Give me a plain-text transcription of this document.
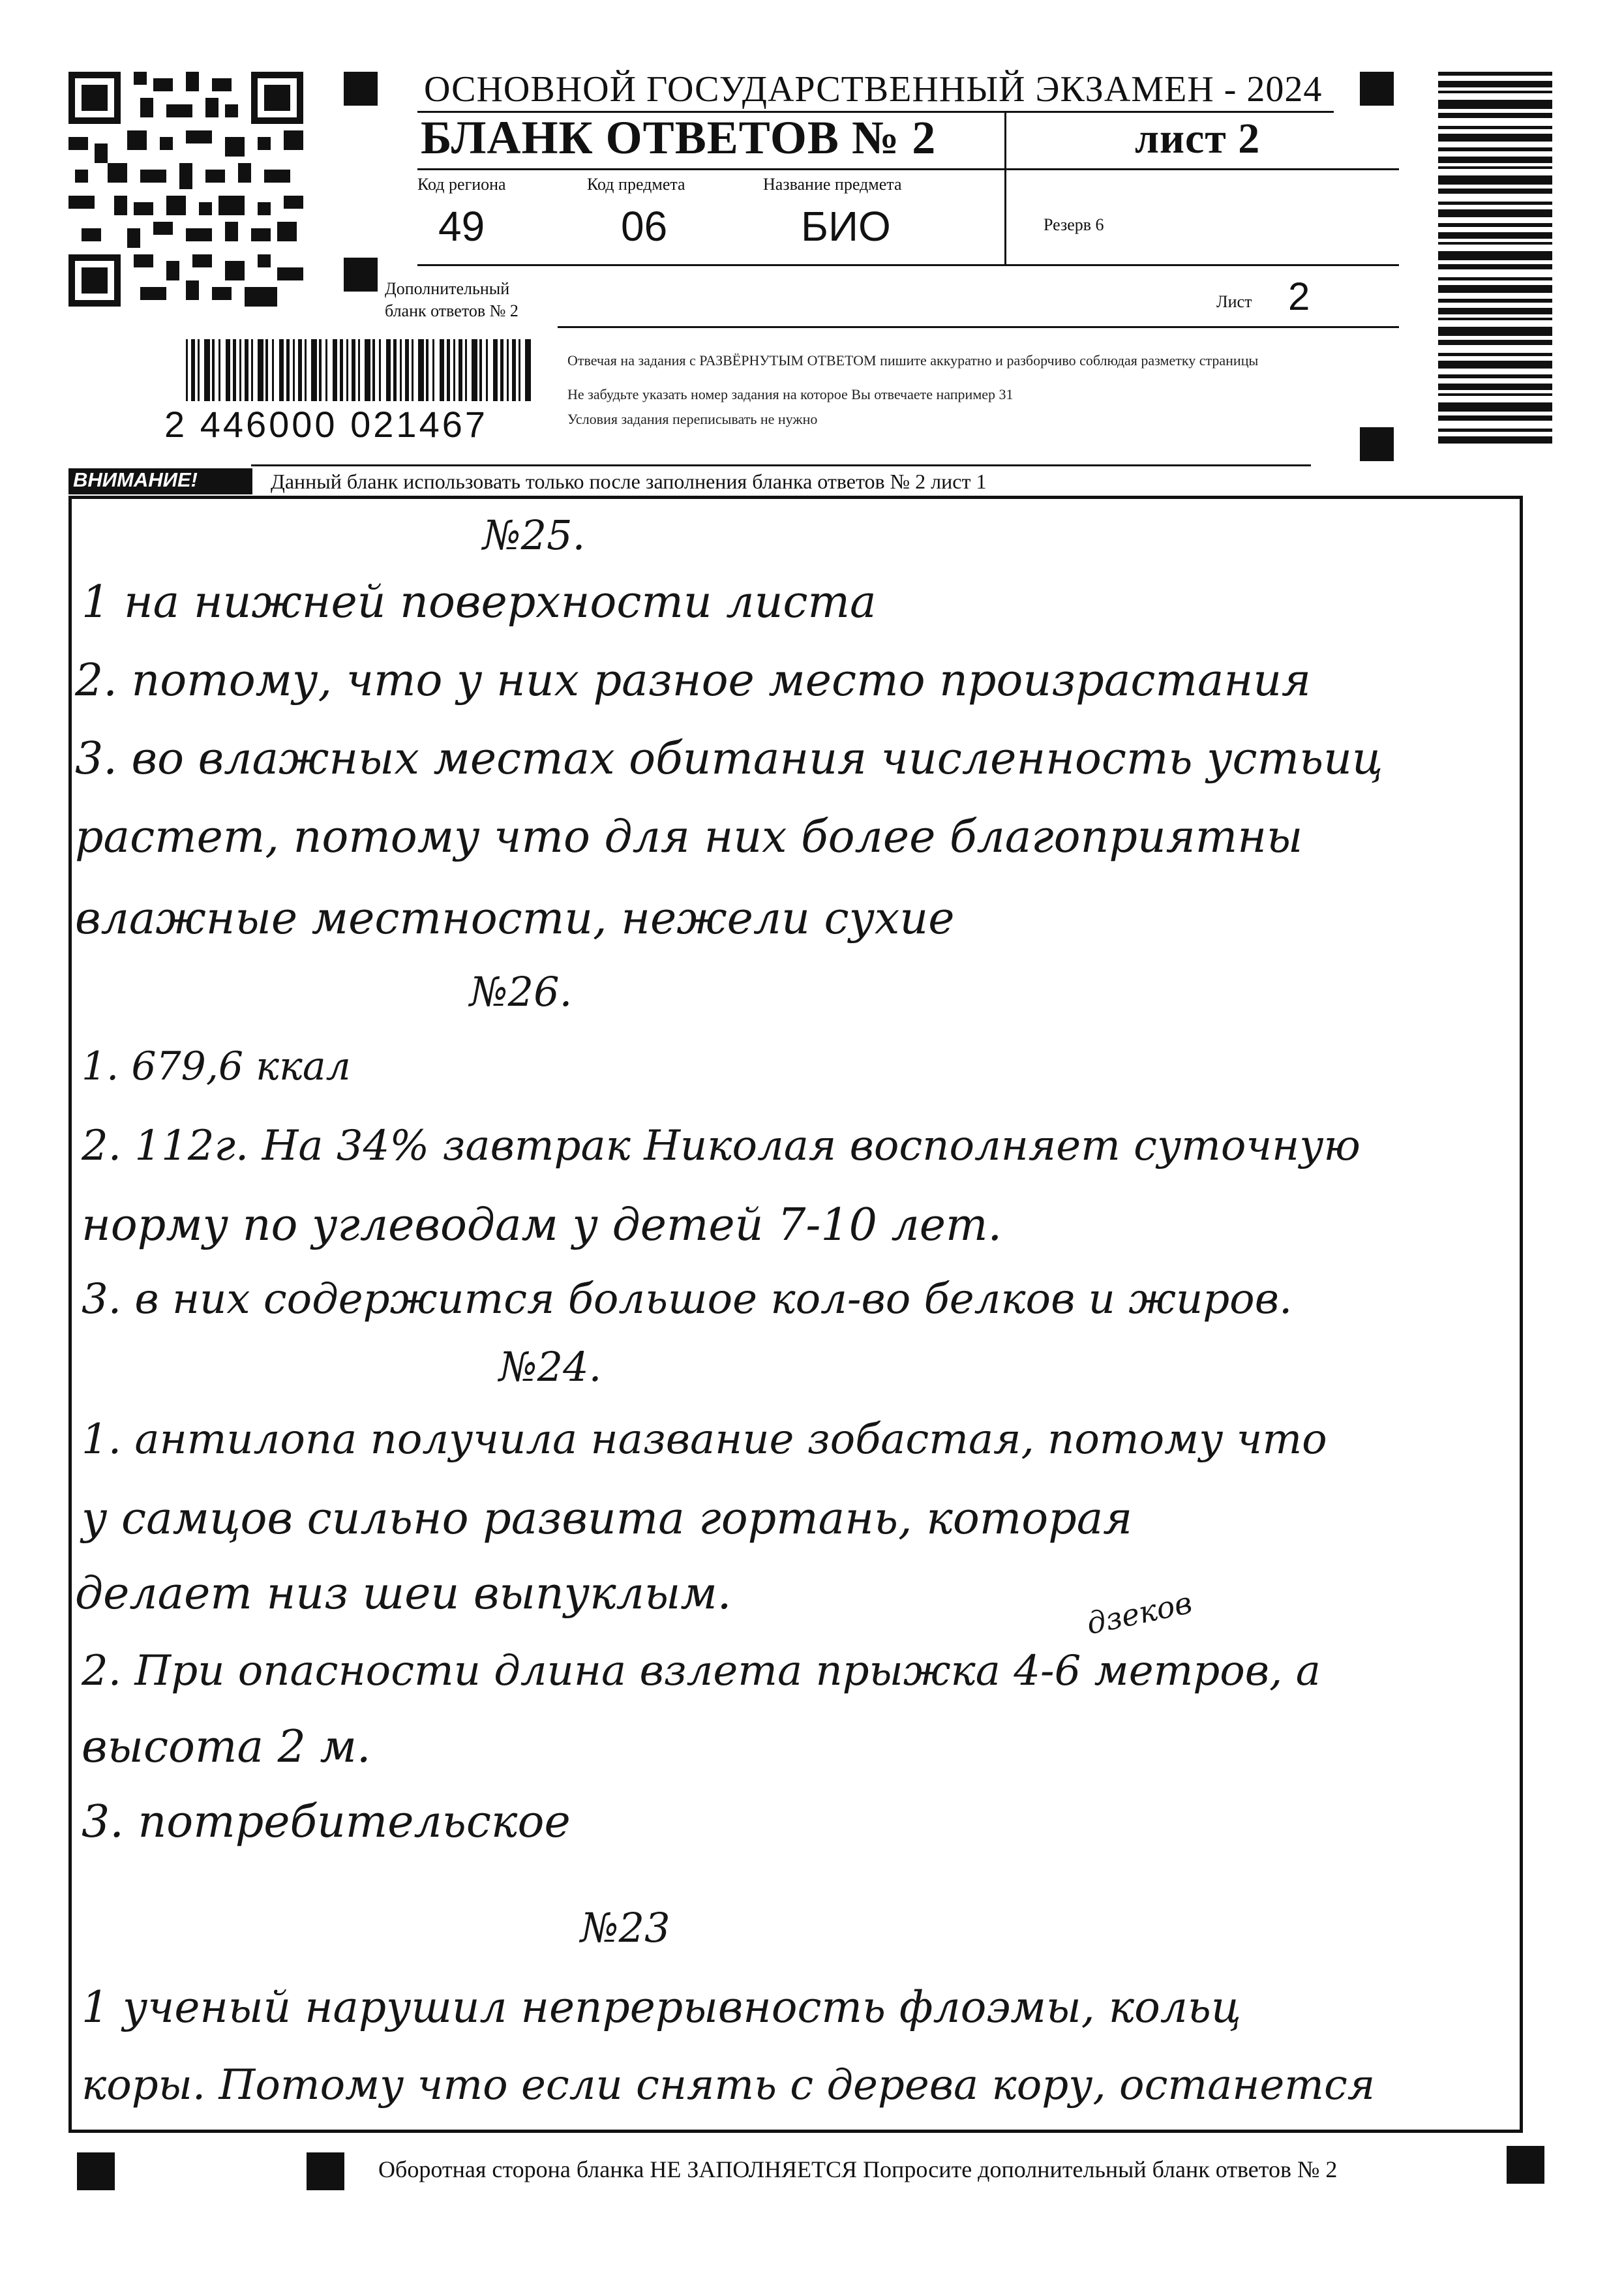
ОСНОВНОЙ ГОСУДАРСТВЕННЫЙ ЭКЗАМЕН - 2024
БЛАНК ОТВЕТОВ № 2	лист 2
Код региона
49
Код предмета
06
Название предмета
БИО	Резерв 6
Дополнительный
бланк ответов № 2	Лист 2
2 446000 021467
Отвечая на задания с РАЗВЁРНУТЫМ ОТВЕТОМ пишите аккуратно и разборчиво соблюдая разметку страницы
Не забудьте указать номер задания на которое Вы отвечаете например 31
Условия задания переписывать не нужно
ВНИМАНИЕ!	Данный бланк использовать только после заполнения бланка ответов № 2 лист 1
№25.
1 на нижней поверхности листа
2. потому, что у них разное место произрастания
3. во влажных местах обитания численность устьиц
растет, потому что для них более благоприятны
влажные местности, нежели сухие
№26.
1. 679,6 ккал
2. 112г. На 34% завтрак Николая восполняет суточную
норму по углеводам у детей 7-10 лет.
3. в них содержится большое кол-во белков и жиров.
№24.
1. антилопа получила название зобастая, потому что
у самцов сильно развита гортань, которая
делает низ шеи выпуклым.	дзеков
2. При опасности длина взлета прыжка 4-6 метров, а
высота 2 м.
3. потребительское
№23
1 ученый нарушил непрерывность флоэмы, кольц
коры. Потому что если снять с дерева кору, останется
Оборотная сторона бланка НЕ ЗАПОЛНЯЕТСЯ Попросите дополнительный бланк ответов № 2
